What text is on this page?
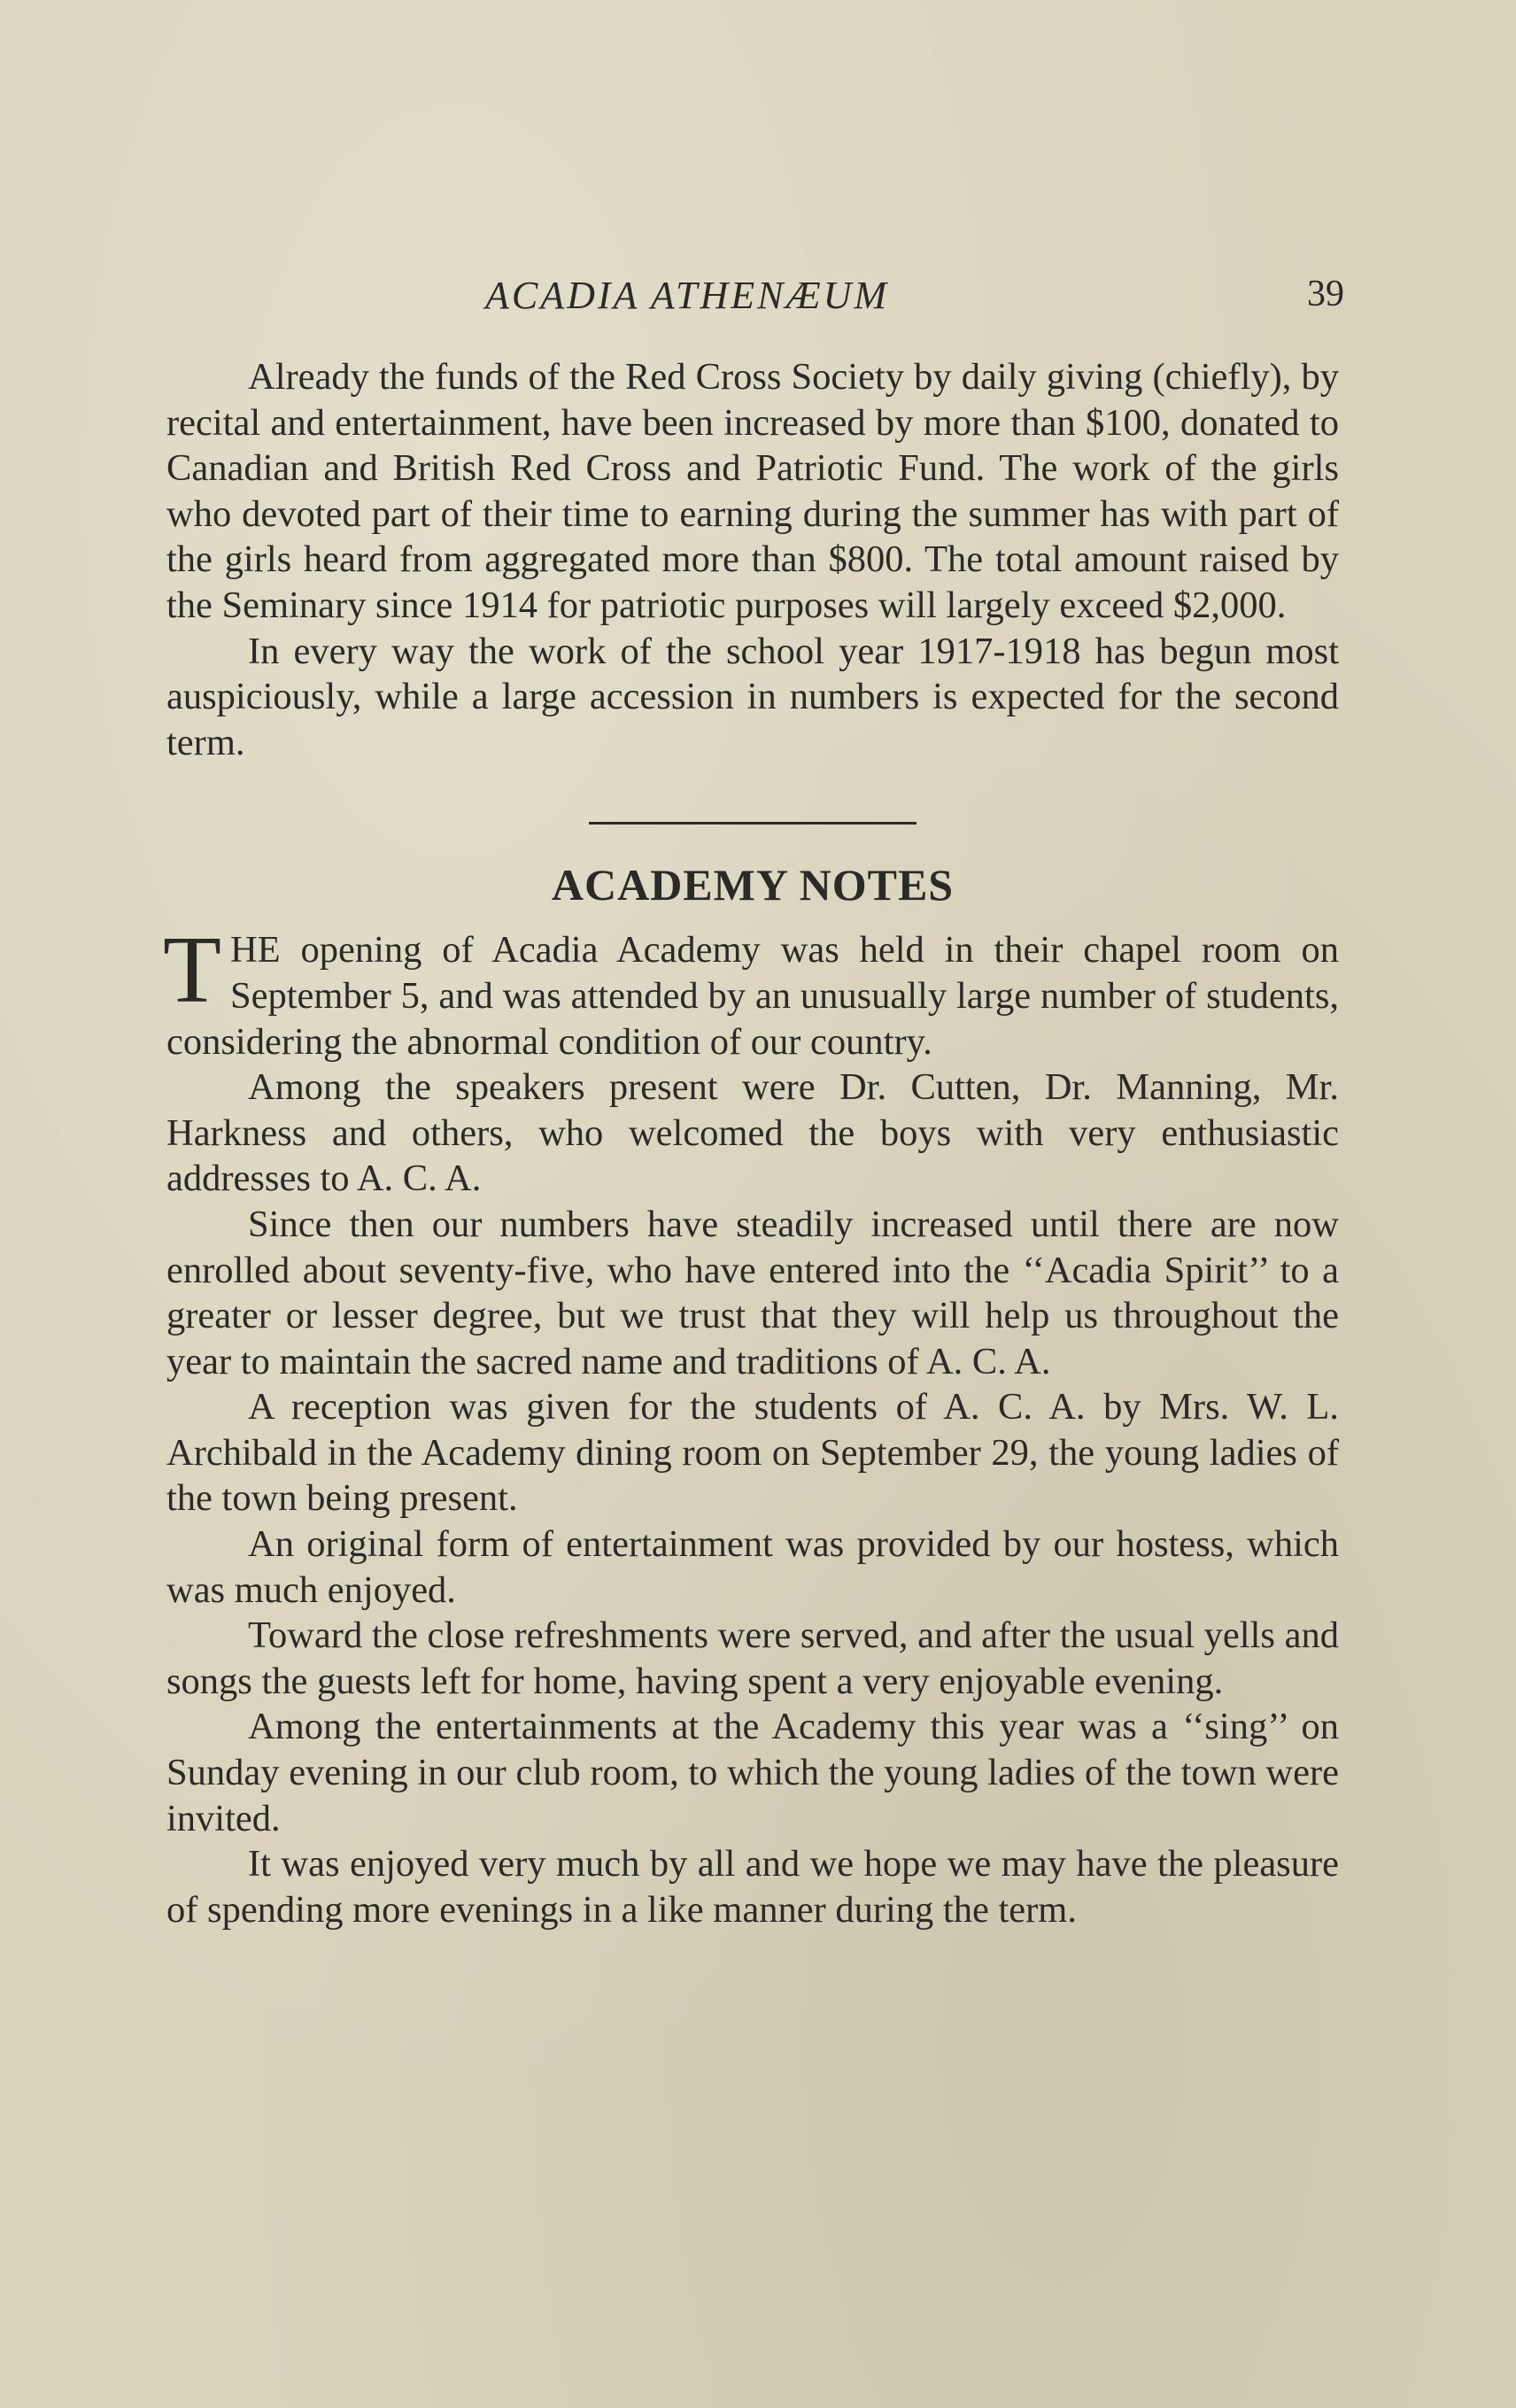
ACADIA ATHENÆUM	39

Already the funds of the Red Cross Society by daily giving (chiefly), by recital and entertainment, have been increased by more than $100, donated to Canadian and British Red Cross and Patriotic Fund. The work of the girls who devoted part of their time to earning during the summer has with part of the girls heard from aggregated more than $800. The total amount raised by the Seminary since 1914 for patriotic purposes will largely exceed $2,000.

In every way the work of the school year 1917-1918 has begun most auspiciously, while a large accession in numbers is expected for the second term.

ACADEMY NOTES

THE opening of Acadia Academy was held in their chapel room on September 5, and was attended by an unusually large number of students, considering the abnormal condition of our country.

Among the speakers present were Dr. Cutten, Dr. Manning, Mr. Harkness and others, who welcomed the boys with very enthusiastic addresses to A. C. A.

Since then our numbers have steadily increased until there are now enrolled about seventy-five, who have entered into the ‘‘Acadia Spirit’’ to a greater or lesser degree, but we trust that they will help us throughout the year to maintain the sacred name and traditions of A. C. A.

A reception was given for the students of A. C. A. by Mrs. W. L. Archibald in the Academy dining room on September 29, the young ladies of the town being present.

An original form of entertainment was provided by our hostess, which was much enjoyed.

Toward the close refreshments were served, and after the usual yells and songs the guests left for home, having spent a very enjoyable evening.

Among the entertainments at the Academy this year was a ‘‘sing’’ on Sunday evening in our club room, to which the young ladies of the town were invited.

It was enjoyed very much by all and we hope we may have the pleasure of spending more evenings in a like manner during the term.
